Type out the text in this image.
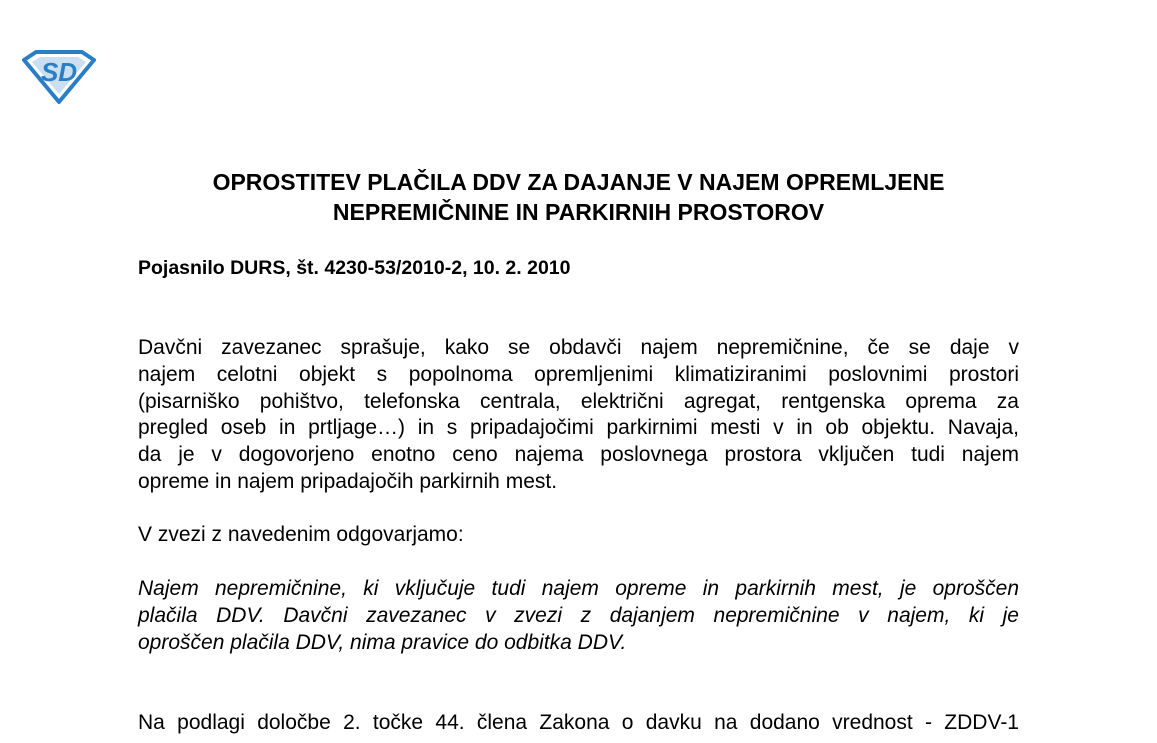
SD
OPROSTITEV PLAČILA DDV ZA DAJANJE V NAJEM OPREMLJENE
NEPREMIČNINE IN PARKIRNIH PROSTOROV

Pojasnilo DURS, št. 4230-53/2010-2, 10. 2. 2010

Davčni zavezanec sprašuje, kako se obdavči najem nepremičnine, če se daje v
najem celotni objekt s popolnoma opremljenimi klimatiziranimi poslovnimi prostori
(pisarniško pohištvo, telefonska centrala, električni agregat, rentgenska oprema za
pregled oseb in prtljage…) in s pripadajočimi parkirnimi mesti v in ob objektu. Navaja,
da je v dogovorjeno enotno ceno najema poslovnega prostora vključen tudi najem
opreme in najem pripadajočih parkirnih mest.
V zvezi z navedenim odgovarjamo:
Najem nepremičnine, ki vključuje tudi najem opreme in parkirnih mest, je oproščen
plačila DDV. Davčni zavezanec v zvezi z dajanjem nepremičnine v najem, ki je
oproščen plačila DDV, nima pravice do odbitka DDV.
Na podlagi določbe 2. točke 44. člena Zakona o davku na dodano vrednost - ZDDV-1
